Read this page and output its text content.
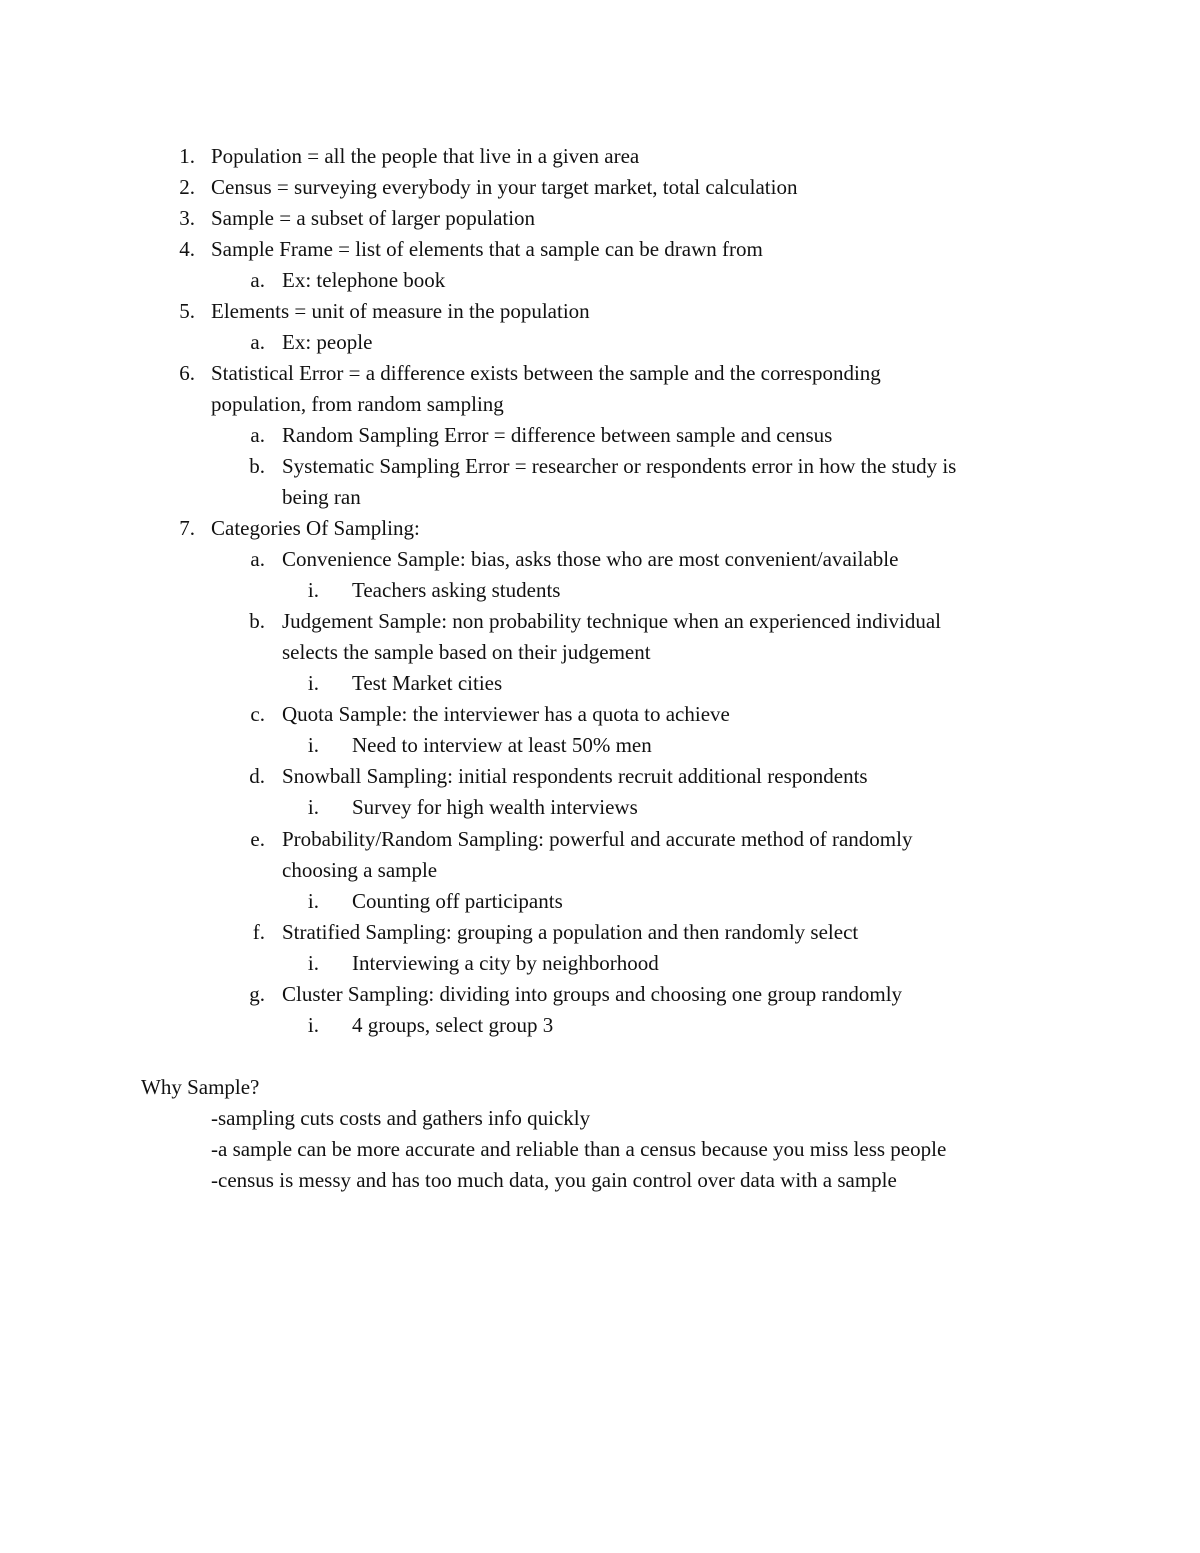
1. Population = all the people that live in a given area
2. Census = surveying everybody in your target market, total calculation
3. Sample = a subset of larger population
4. Sample Frame = list of elements that a sample can be drawn from
a. Ex: telephone book
5. Elements = unit of measure in the population
a. Ex: people
6. Statistical Error = a difference exists between the sample and the corresponding
population, from random sampling
a. Random Sampling Error = difference between sample and census
b. Systematic Sampling Error = researcher or respondents error in how the study is
being ran
7. Categories Of Sampling:
a. Convenience Sample: bias, asks those who are most convenient/available
i. Teachers asking students
b. Judgement Sample: non probability technique when an experienced individual
selects the sample based on their judgement
i. Test Market cities
c. Quota Sample: the interviewer has a quota to achieve
i. Need to interview at least 50% men
d. Snowball Sampling: initial respondents recruit additional respondents
i. Survey for high wealth interviews
e. Probability/Random Sampling: powerful and accurate method of randomly
choosing a sample
i. Counting off participants
f. Stratified Sampling: grouping a population and then randomly select
i. Interviewing a city by neighborhood
g. Cluster Sampling: dividing into groups and choosing one group randomly
i. 4 groups, select group 3
Why Sample?
-sampling cuts costs and gathers info quickly
-a sample can be more accurate and reliable than a census because you miss less people
-census is messy and has too much data, you gain control over data with a sample
